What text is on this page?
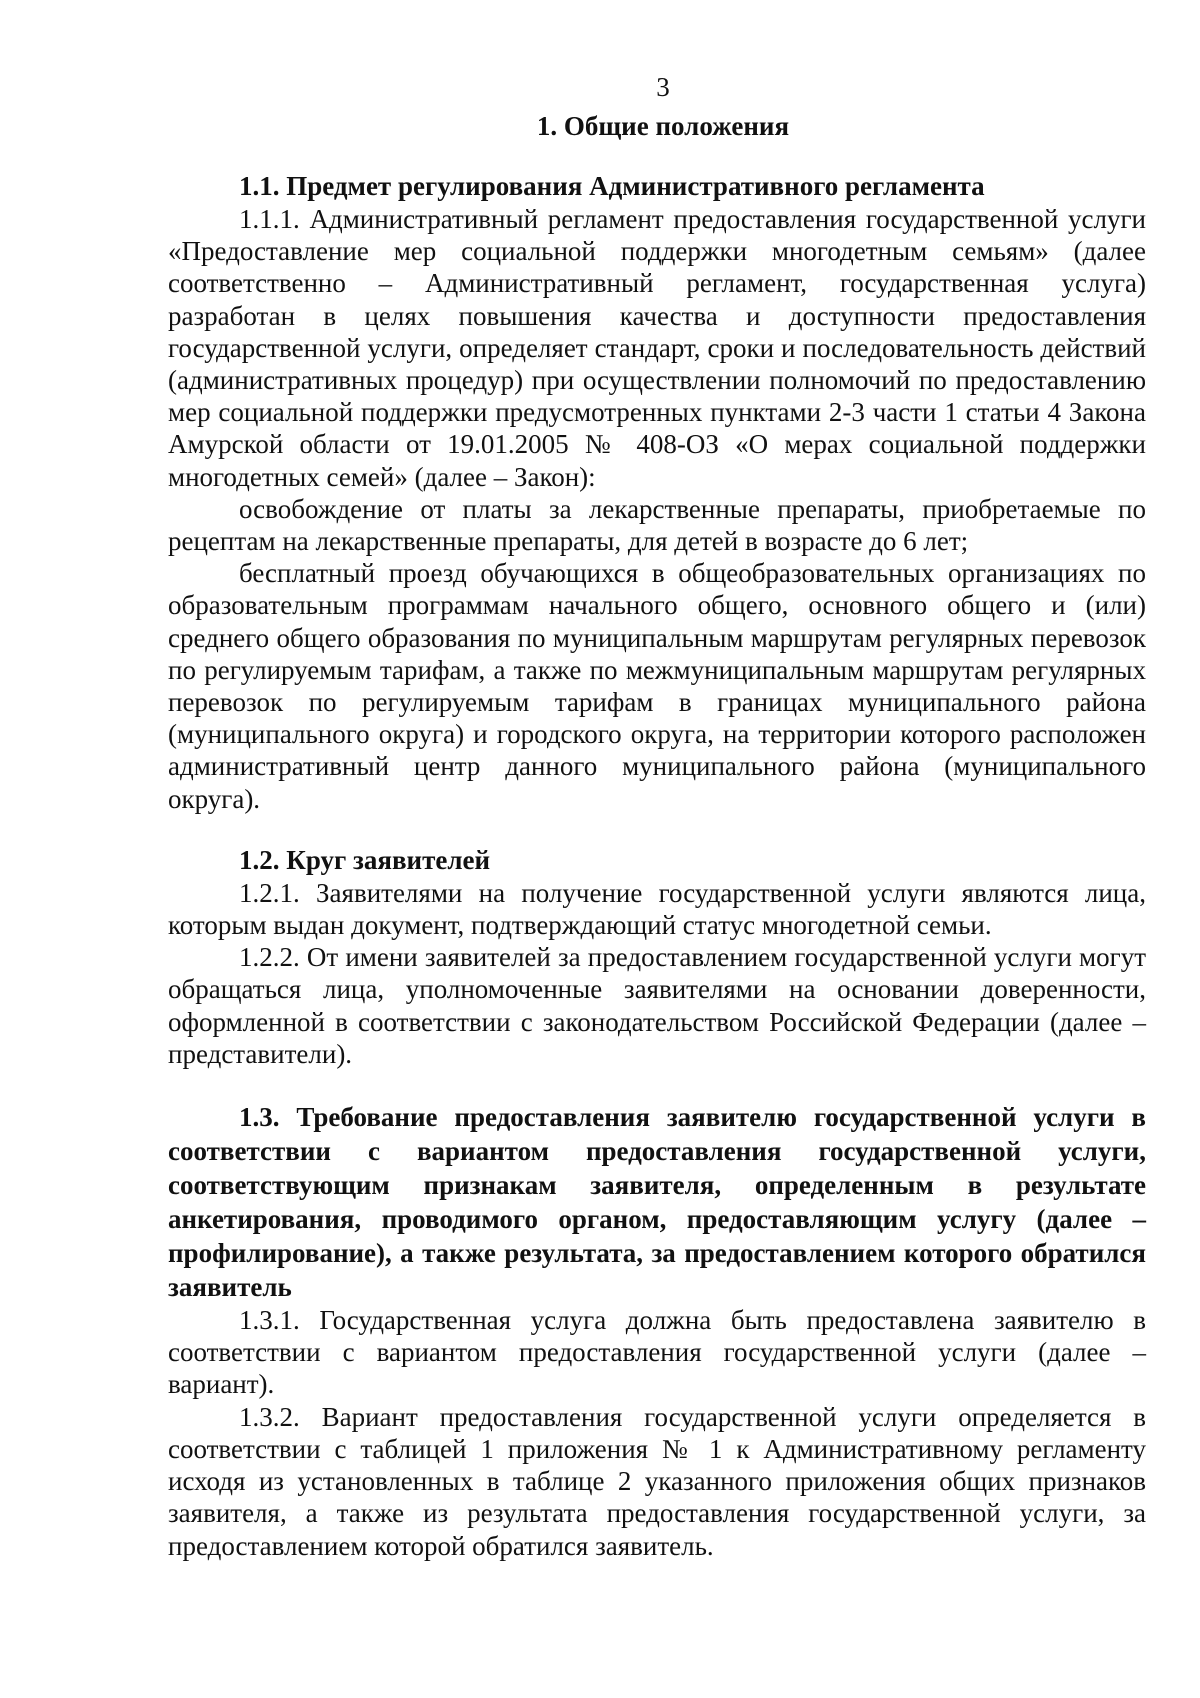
3
1. Общие положения
1.1. Предмет регулирования Административного регламента

1.1.1. Административный регламент предоставления государственной услуги «Предоставление мер социальной поддержки многодетным семьям» (далее соответственно – Административный регламент, государственная услуга) разработан в целях повышения качества и доступности предоставления государственной услуги, определяет стандарт, сроки и последовательность действий (административных процедур) при осуществлении полномочий по предоставлению мер социальной поддержки предусмотренных пунктами 2-3 части 1 статьи 4 Закона Амурской области от 19.01.2005 № 408-ОЗ «О мерах социальной поддержки многодетных семей» (далее – Закон):

освобождение от платы за лекарственные препараты, приобретаемые по рецептам на лекарственные препараты, для детей в возрасте до 6 лет;

бесплатный проезд обучающихся в общеобразовательных организациях по образовательным программам начального общего, основного общего и (или) среднего общего образования по муниципальным маршрутам регулярных перевозок по регулируемым тарифам, а также по межмуниципальным маршрутам регулярных перевозок по регулируемым тарифам в границах муниципального района (муниципального округа) и городского округа, на территории которого расположен административный центр данного муниципального района (муниципального округа).

1.2. Круг заявителей

1.2.1. Заявителями на получение государственной услуги являются лица, которым выдан документ, подтверждающий статус многодетной семьи.

1.2.2. От имени заявителей за предоставлением государственной услуги могут обращаться лица, уполномоченные заявителями на основании доверенности, оформленной в соответствии с законодательством Российской Федерации (далее – представители).

1.3. Требование предоставления заявителю государственной услуги в соответствии с вариантом предоставления государственной услуги, соответствующим признакам заявителя, определенным в результате анкетирования, проводимого органом, предоставляющим услугу (далее – профилирование), а также результата, за предоставлением которого обратился заявитель

1.3.1. Государственная услуга должна быть предоставлена заявителю в соответствии с вариантом предоставления государственной услуги (далее – вариант).

1.3.2. Вариант предоставления государственной услуги определяется в соответствии с таблицей 1 приложения № 1 к Административному регламенту исходя из установленных в таблице 2 указанного приложения общих признаков заявителя, а также из результата предоставления государственной услуги, за предоставлением которой обратился заявитель.
